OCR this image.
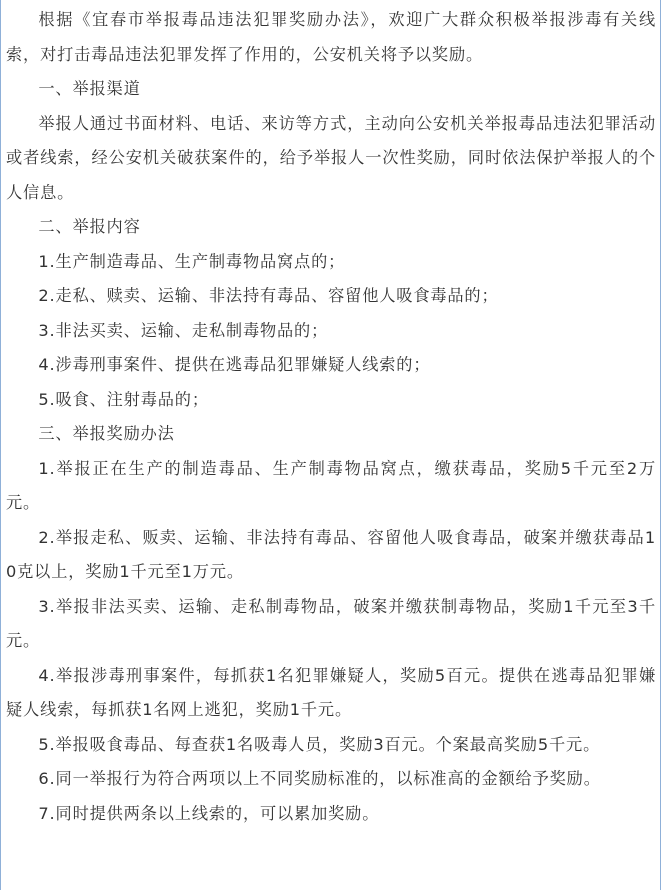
根据《宜春市举报毒品违法犯罪奖励办法》，欢迎广大群众积极举报涉毒有关线索，对打击毒品违法犯罪发挥了作用的，公安机关将予以奖励。

一、举报渠道

举报人通过书面材料、电话、来访等方式，主动向公安机关举报毒品违法犯罪活动或者线索，经公安机关破获案件的，给予举报人一次性奖励，同时依法保护举报人的个人信息。

二、举报内容

1.生产制造毒品、生产制毒物品窝点的；

2.走私、赎卖、运输、非法持有毒品、容留他人吸食毒品的；

3.非法买卖、运输、走私制毒物品的；

4.涉毒刑事案件、提供在逃毒品犯罪嫌疑人线索的；

5.吸食、注射毒品的；

三、举报奖励办法

1.举报正在生产的制造毒品、生产制毒物品窝点，缴获毒品，奖励5千元至2万元。

2.举报走私、贩卖、运输、非法持有毒品、容留他人吸食毒品，破案并缴获毒品10克以上，奖励1千元至1万元。

3.举报非法买卖、运输、走私制毒物品，破案并缴获制毒物品，奖励1千元至3千元。

4.举报涉毒刑事案件，每抓获1名犯罪嫌疑人，奖励5百元。提供在逃毒品犯罪嫌疑人线索，每抓获1名网上逃犯，奖励1千元。

5.举报吸食毒品、每查获1名吸毒人员，奖励3百元。个案最高奖励5千元。

6.同一举报行为符合两项以上不同奖励标准的，以标准高的金额给予奖励。

7.同时提供两条以上线索的，可以累加奖励。
